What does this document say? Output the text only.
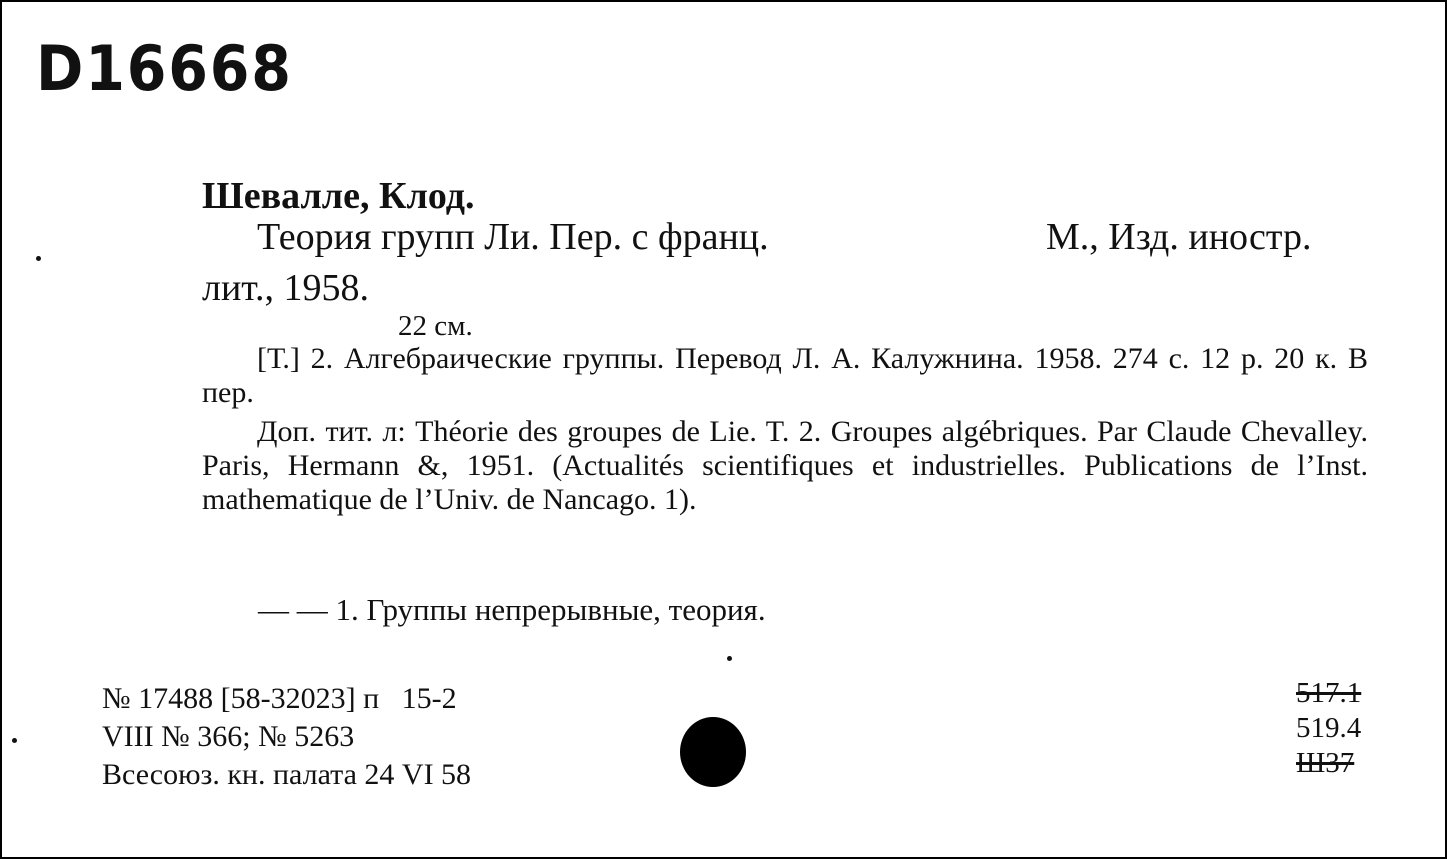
D16668
Шевалле, Клод.
Теория групп Ли. Пер. с франц.	М., Изд. иностр.
лит., 1958.
22 см.
[Т.] 2. Алгебраические группы. Перевод Л. А. Калужнина. 1958. 274 с. 12 р. 20 к. В пер.
Доп. тит. л: Théorie des groupes de Lie. T. 2. Groupes algébriques. Par Claude Chevalley. Paris, Hermann &, 1951. (Actualités scientifiques et industrielles. Publications de l’Inst. mathematique de l’Univ. de Nancago. 1).
— — 1. Группы непрерывные, теория.
№ 17488 [58-32023] п   15-2
VIII № 366; № 5263
Всесоюз. кн. палата 24 VI 58
517.1
519.4
Ш37
